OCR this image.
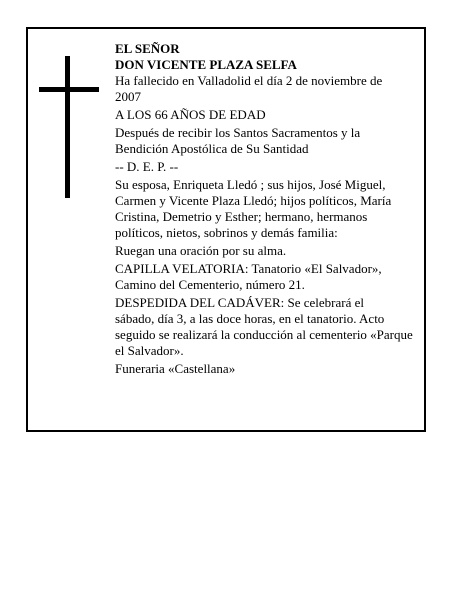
EL SEÑOR

DON VICENTE PLAZA SELFA

Ha fallecido en Valladolid el día 2 de noviembre de
2007

A LOS 66 AÑOS DE EDAD

Después de recibir los Santos Sacramentos y la
Bendición Apostólica de Su Santidad

-- D. E. P. --

Su esposa, Enriqueta Lledó ; sus hijos, José Miguel,
Carmen y Vicente Plaza Lledó; hijos políticos, María
Cristina, Demetrio y Esther; hermano, hermanos
políticos, nietos, sobrinos y demás familia:

Ruegan una oración por su alma.

CAPILLA VELATORIA: Tanatorio «El Salvador»,
Camino del Cementerio, número 21.

DESPEDIDA DEL CADÁVER: Se celebrará el
sábado, día 3, a las doce horas, en el tanatorio. Acto
seguido se realizará la conducción al cementerio «Parque
el Salvador».

Funeraria «Castellana»
